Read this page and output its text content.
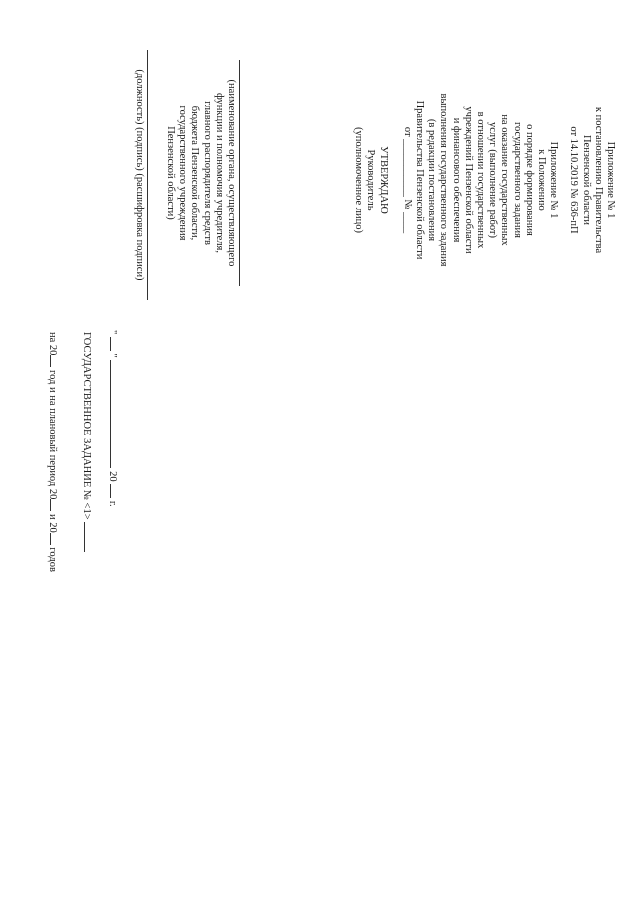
Приложение № 1
к постановлению Правительства
Пензенской области
от 14.10.2019 № 636-пП
Приложение № 1
к Положению
о порядке формирования
государственного задания
на оказание государственных
услуг (выполнение работ)
в отношении государственных
учреждений Пензенской области
и финансового обеспечения
выполнения государственного задания
(в редакции постановления
Правительства Пензенской области
от ___________ № ____
УТВЕРЖДАЮ
Руководитель
(уполномоченное лицо)
(наименование органа, осуществляющего
функции и полномочия учредителя,
главного распорядителя средств
бюджета Пензенской области,
государственного учреждения
Пензенской области)
(должность) (подпись) (расшифровка подписи)
"  "  20  г.
ГОСУДАРСТВЕННОЕ ЗАДАНИЕ № <1>
на 20 год и на плановый период 20 и 20 годов
